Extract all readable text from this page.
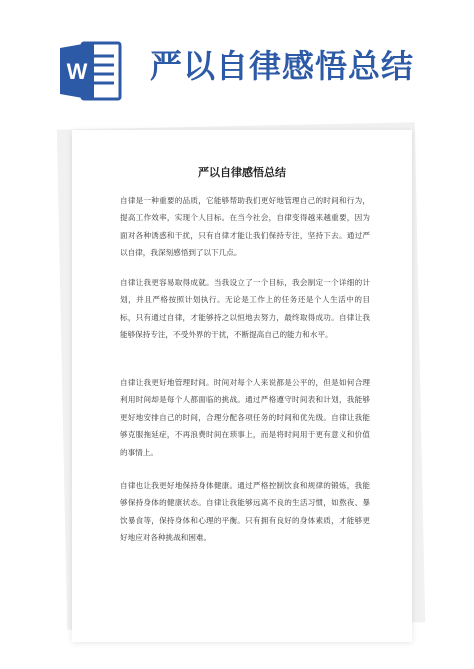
W 严以自律感悟总结
严以自律感悟总结

自律是一种重要的品质，它能够帮助我们更好地管理自己的时间和行为，提高工作效率，实现个人目标。在当今社会，自律变得越来越重要，因为面对各种诱惑和干扰，只有自律才能让我们保持专注，坚持下去。通过严以自律，我深刻感悟到了以下几点。

自律让我更容易取得成就。当我设立了一个目标，我会制定一个详细的计划，并且严格按照计划执行。无论是工作上的任务还是个人生活中的目标，只有通过自律，才能够持之以恒地去努力，最终取得成功。自律让我能够保持专注，不受外界的干扰，不断提高自己的能力和水平。

自律让我更好地管理时间。时间对每个人来说都是公平的，但是如何合理利用时间却是每个人都面临的挑战。通过严格遵守时间表和计划，我能够更好地安排自己的时间，合理分配各项任务的时间和优先级。自律让我能够克服拖延症，不再浪费时间在琐事上，而是将时间用于更有意义和价值的事情上。

自律也让我更好地保持身体健康。通过严格控制饮食和规律的锻炼，我能够保持身体的健康状态。自律让我能够远离不良的生活习惯，如熬夜、暴饮暴食等，保持身体和心理的平衡。只有拥有良好的身体素质，才能够更好地应对各种挑战和困难。
